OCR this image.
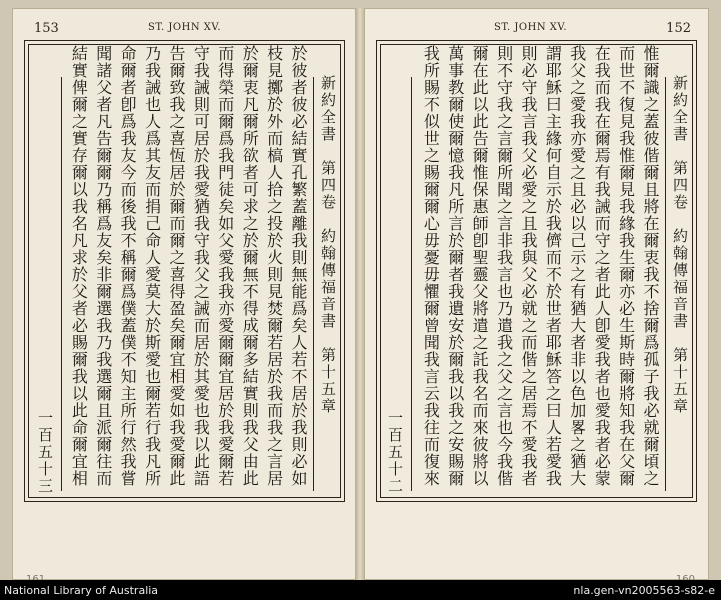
153	ST. JOHN XV.
一百五十三
於彼者彼必結實孔繁蓋離我則無能爲矣人若不居於我則必如枝見擲於外而槁人拾之投於火則見焚爾若居於我而我之言居於爾衷凡爾所欲者可求之於爾無不得成爾多結實則我父由此而得榮而爾爲我門徒矣如父愛我我亦愛爾爾宜居於我愛爾若守我誡則可居於我愛猶我守我父之誡而居於其愛也我以此語告爾致我之喜恆居於爾而爾之喜得盈矣爾宜相愛如我愛爾此乃我誡也人爲其友而捐己命人愛莫大於斯愛也爾若行我凡所命爾者卽爲我友今而後我不稱爾爲僕蓋僕不知主所行然我嘗聞諸父者凡告爾爾乃稱爲友矣非爾選我乃我選爾且派爾往而結實俾爾之實存爾以我名凡求於父者必賜爾我以此命爾宜相
新約全書　第四卷　約翰傳福音書　第十五章
ST. JOHN XV.	152
一百五十二
惟爾識之蓋彼偕爾且將在爾衷我不捨爾爲孤子我必就爾頃之而世不復見我惟爾見我緣我生爾亦必生斯時爾將知我在父爾在我而我在爾焉有我誡而守之者此人卽愛我者也愛我者必蒙我父之愛我亦愛之且必以己示之有猶大者非以色加畧之猶大謂耶穌曰主緣何自示於我儕而不於世者耶穌答之曰人若愛我則必守我言我父必愛之且我與父必就之而偕之居焉不愛我者則不守我之言爾所聞之言非我言也乃遣我之父之言也今我偕爾在此以此告爾惟保惠師卽聖靈父將遣之託我名而來彼將以萬事教爾使爾憶我凡所言於爾者我遺安於爾我以我之安賜爾我所賜不似世之賜爾爾心毋憂毋懼爾曾聞我言云我往而復來
新約全書　第四卷　約翰傳福音書　第十五章
National Library of Australia	nla.gen-vn2005563-s82-e
